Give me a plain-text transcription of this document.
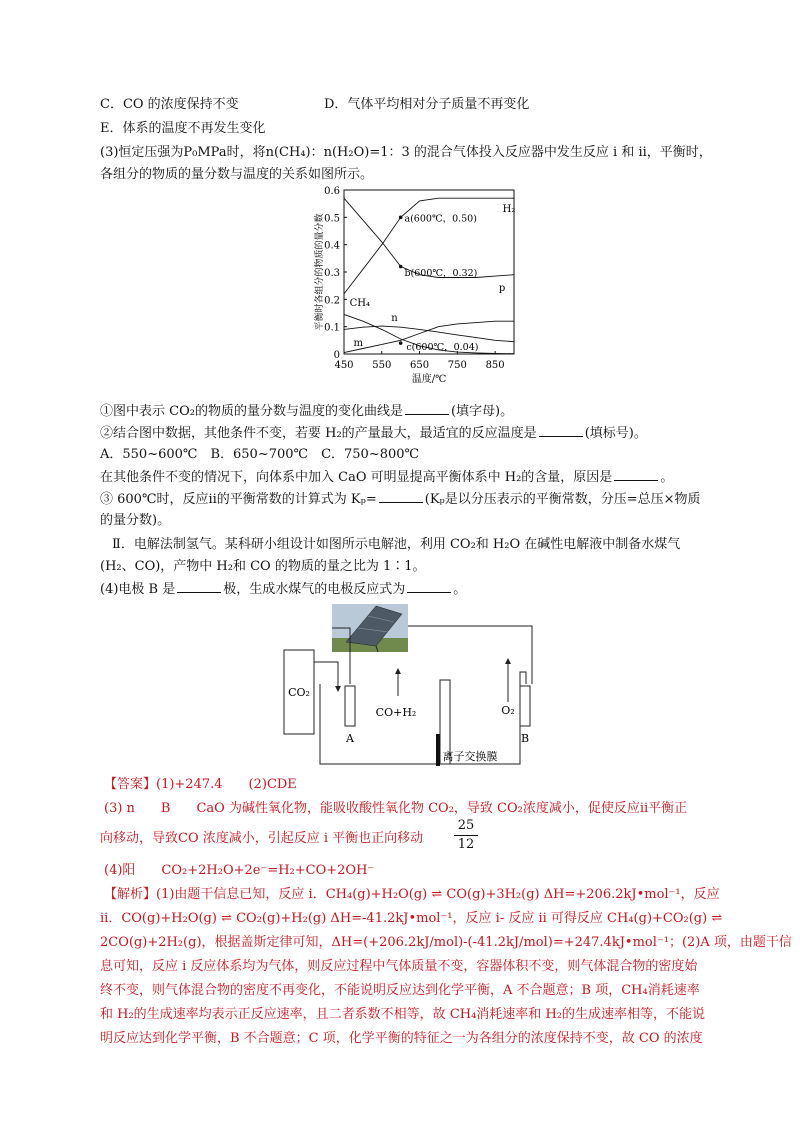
C．CO 的浓度保持不变	D．气体平均相对分子质量不再变化
E．体系的温度不再发生变化
(3)恒定压强为P₀MPa时，将n(CH₄)：n(H₂O)=1：3 的混合气体投入反应器中发生反应 i 和 ii，平衡时，
各组分的物质的量分数与温度的关系如图所示。
0
0.1
0.2
0.3
0.4
0.5
0.6
450 550 650 750 850
温度/℃
平衡时各组分的物质的量分数
H₂
p
CH₄
n
m
a(600℃，0.50)
b(600℃，0.32)
c(600℃，0.04)
①图中表示 CO₂的物质的量分数与温度的变化曲线是	(填字母)。
②结合图中数据，其他条件不变，若要 H₂的产量最大，最适宜的反应温度是	(填标号)。
A．550~600℃　B．650~700℃　C．750~800℃
在其他条件不变的情况下，向体系中加入 CaO 可明显提高平衡体系中 H₂的含量，原因是	。
③ 600℃时，反应ⅱ的平衡常数的计算式为 Kₚ=	(Kₚ是以分压表示的平衡常数，分压=总压×物质
的量分数)。
Ⅱ．电解法制氢气。某科研小组设计如图所示电解池，利用 CO₂和 H₂O 在碱性电解液中制备水煤气
(H₂、CO)，产物中 H₂和 CO 的物质的量之比为 1∶1。
(4)电极 B 是	极，生成水煤气的电极反应式为	。
CO₂
A
CO+H₂
B
O₂
离子交换膜
【答案】(1)+247.4　　(2)CDE
(3) n　　B　　CaO 为碱性氧化物，能吸收酸性氧化物 CO₂，导致 CO₂浓度减小，促使反应ⅱ平衡正
向移动，导致CO 浓度减小，引起反应 i 平衡也正向移动
25
12
(4)阳　　CO₂+2H₂O+2e⁻=H₂+CO+2OH⁻
【解析】(1)由题干信息已知，反应 i．CH₄(g)+H₂O(g) ⇌ CO(g)+3H₂(g) ΔH=+206.2kJ•mol⁻¹，反应
ii．CO(g)+H₂O(g) ⇌ CO₂(g)+H₂(g) ΔH=-41.2kJ•mol⁻¹，反应 i- 反应 ii 可得反应 CH₄(g)+CO₂(g) ⇌
2CO(g)+2H₂(g)，根据盖斯定律可知，ΔH=(+206.2kJ/mol)-(-41.2kJ/mol)=+247.4kJ•mol⁻¹；(2)A 项，由题干信
息可知，反应 i 反应体系均为气体，则反应过程中气体质量不变，容器体积不变，则气体混合物的密度始
终不变，则气体混合物的密度不再变化，不能说明反应达到化学平衡，A 不合题意；B 项，CH₄消耗速率
和 H₂的生成速率均表示正反应速率，且二者系数不相等，故 CH₄消耗速率和 H₂的生成速率相等，不能说
明反应达到化学平衡，B 不合题意；C 项，化学平衡的特征之一为各组分的浓度保持不变，故 CO 的浓度
